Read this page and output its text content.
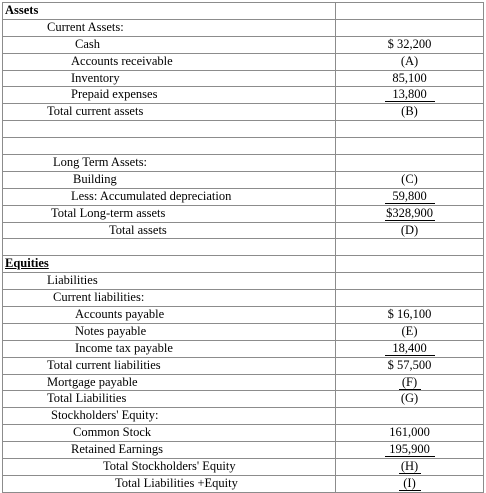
Assets
Current Assets:
Cash	$ 32,200
Accounts receivable	(A)
Inventory	85,100
Prepaid expenses	13,800
Total current assets	(B)
Long Term Assets:
Building	(C)
Less: Accumulated depreciation	59,800
Total Long-term assets	$328,900
Total assets	(D)
Equities
Liabilities
Current liabilities:
Accounts payable	$ 16,100
Notes payable	(E)
Income tax payable	18,400
Total current liabilities	$ 57,500
Mortgage payable	(F)
Total Liabilities	(G)
Stockholders' Equity:
Common Stock	161,000
Retained Earnings	195,900
Total Stockholders' Equity	(H)
Total Liabilities +Equity	(I)
